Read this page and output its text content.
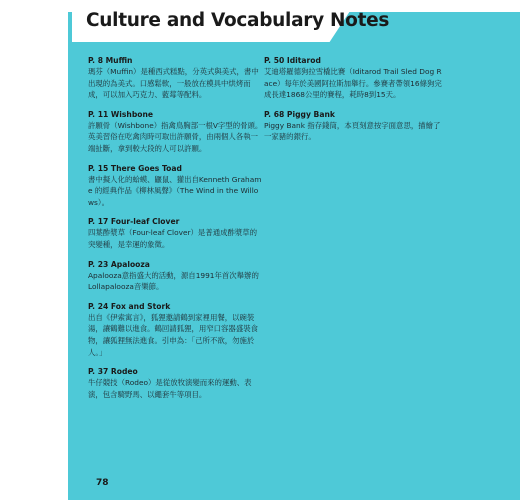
Culture and Vocabulary Notes
P. 8 Muffin
瑪芬（Muffin）是種西式糕點，分英式與美式，書中出現的為美式。口感鬆軟，一般放在模具中烘烤而成，可以加入巧克力、藍莓等配料。
P. 11 Wishbone
許願骨（Wishbone）指禽鳥胸部一根V字型的骨頭。英美習俗在吃禽肉時可取出許願骨，由兩個人各執一端扯斷，拿到較大段的人可以許願。
P. 15 There Goes Toad
書中擬人化的蛤蟆、鼴鼠、獾出自Kenneth Grahame 的經典作品《柳林風聲》（The Wind in the Willows）。
P. 17 Four-leaf Clover
四葉酢漿草（Four-leaf Clover）是普通成酢漿草的突變種，是幸運的象徵。
P. 23 Apalooza
Apalooza意指盛大的活動，源自1991年首次舉辦的 Lollapalooza音樂節。
P. 24 Fox and Stork
出自《伊索寓言》，狐狸邀請鶴到家裡用餐，以碗裝湯，讓鶴難以進食。鶴回請狐狸，用窄口容器盛裝食物，讓狐狸無法進食。引申為：「己所不欲，勿施於人。」
P. 37 Rodeo
牛仔競技（Rodeo）是從放牧演變而來的運動、表演，包含騎野馬、以繩套牛等項目。
P. 50 Iditarod
艾迪塔羅德狗拉雪橇比賽（Iditarod Trail Sled Dog Race）每年於美國阿拉斯加舉行。參賽者帶領16條狗完成長達1868公里的賽程，耗時8到15天。
P. 68 Piggy Bank
Piggy Bank 指存錢筒，本頁刻意按字面意思，描繪了一家豬的銀行。
78
